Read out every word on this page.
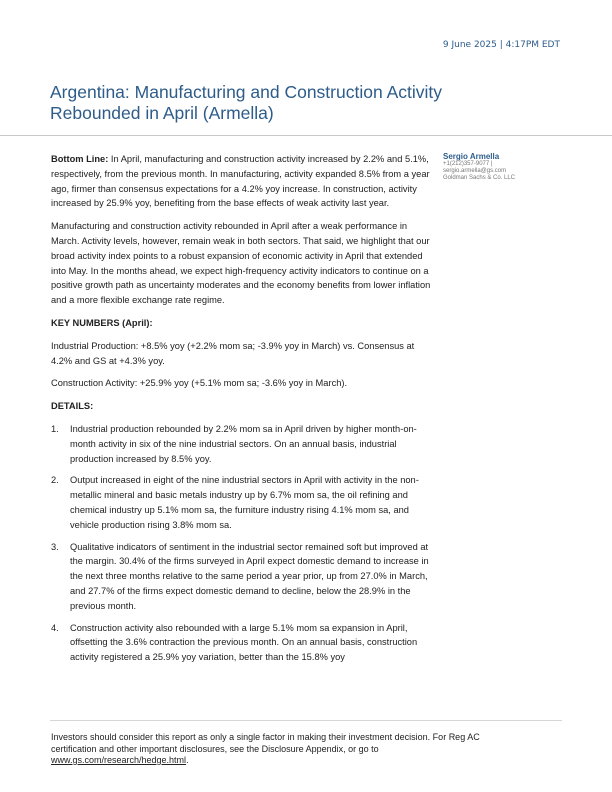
9 June 2025 | 4:17PM EDT
Argentina: Manufacturing and Construction Activity Rebounded in April (Armella)
Sergio Armella
+1(212)357-9077 |
sergio.armella@gs.com
Goldman Sachs & Co. LLC

Bottom Line: In April, manufacturing and construction activity increased by 2.2% and 5.1%, respectively, from the previous month. In manufacturing, activity expanded 8.5% from a year ago, firmer than consensus expectations for a 4.2% yoy increase. In construction, activity increased by 25.9% yoy, benefiting from the base effects of weak activity last year.

Manufacturing and construction activity rebounded in April after a weak performance in March. Activity levels, however, remain weak in both sectors. That said, we highlight that our broad activity index points to a robust expansion of economic activity in April that extended into May. In the months ahead, we expect high-frequency activity indicators to continue on a positive growth path as uncertainty moderates and the economy benefits from lower inflation and a more flexible exchange rate regime.

KEY NUMBERS (April):

Industrial Production: +8.5% yoy (+2.2% mom sa; -3.9% yoy in March) vs. Consensus at 4.2% and GS at +4.3% yoy.

Construction Activity: +25.9% yoy (+5.1% mom sa; -3.6% yoy in March).

DETAILS:

1. Industrial production rebounded by 2.2% mom sa in April driven by higher month-on-month activity in six of the nine industrial sectors. On an annual basis, industrial production increased by 8.5% yoy.
2. Output increased in eight of the nine industrial sectors in April with activity in the non-metallic mineral and basic metals industry up by 6.7% mom sa, the oil refining and chemical industry up 5.1% mom sa, the furniture industry rising 4.1% mom sa, and vehicle production rising 3.8% mom sa.
3. Qualitative indicators of sentiment in the industrial sector remained soft but improved at the margin. 30.4% of the firms surveyed in April expect domestic demand to increase in the next three months relative to the same period a year prior, up from 27.0% in March, and 27.7% of the firms expect domestic demand to decline, below the 28.9% in the previous month.
4. Construction activity also rebounded with a large 5.1% mom sa expansion in April, offsetting the 3.6% contraction the previous month. On an annual basis, construction activity registered a 25.9% yoy variation, better than the 15.8% yoy
Investors should consider this report as only a single factor in making their investment decision. For Reg AC certification and other important disclosures, see the Disclosure Appendix, or go to www.gs.com/research/hedge.html.
